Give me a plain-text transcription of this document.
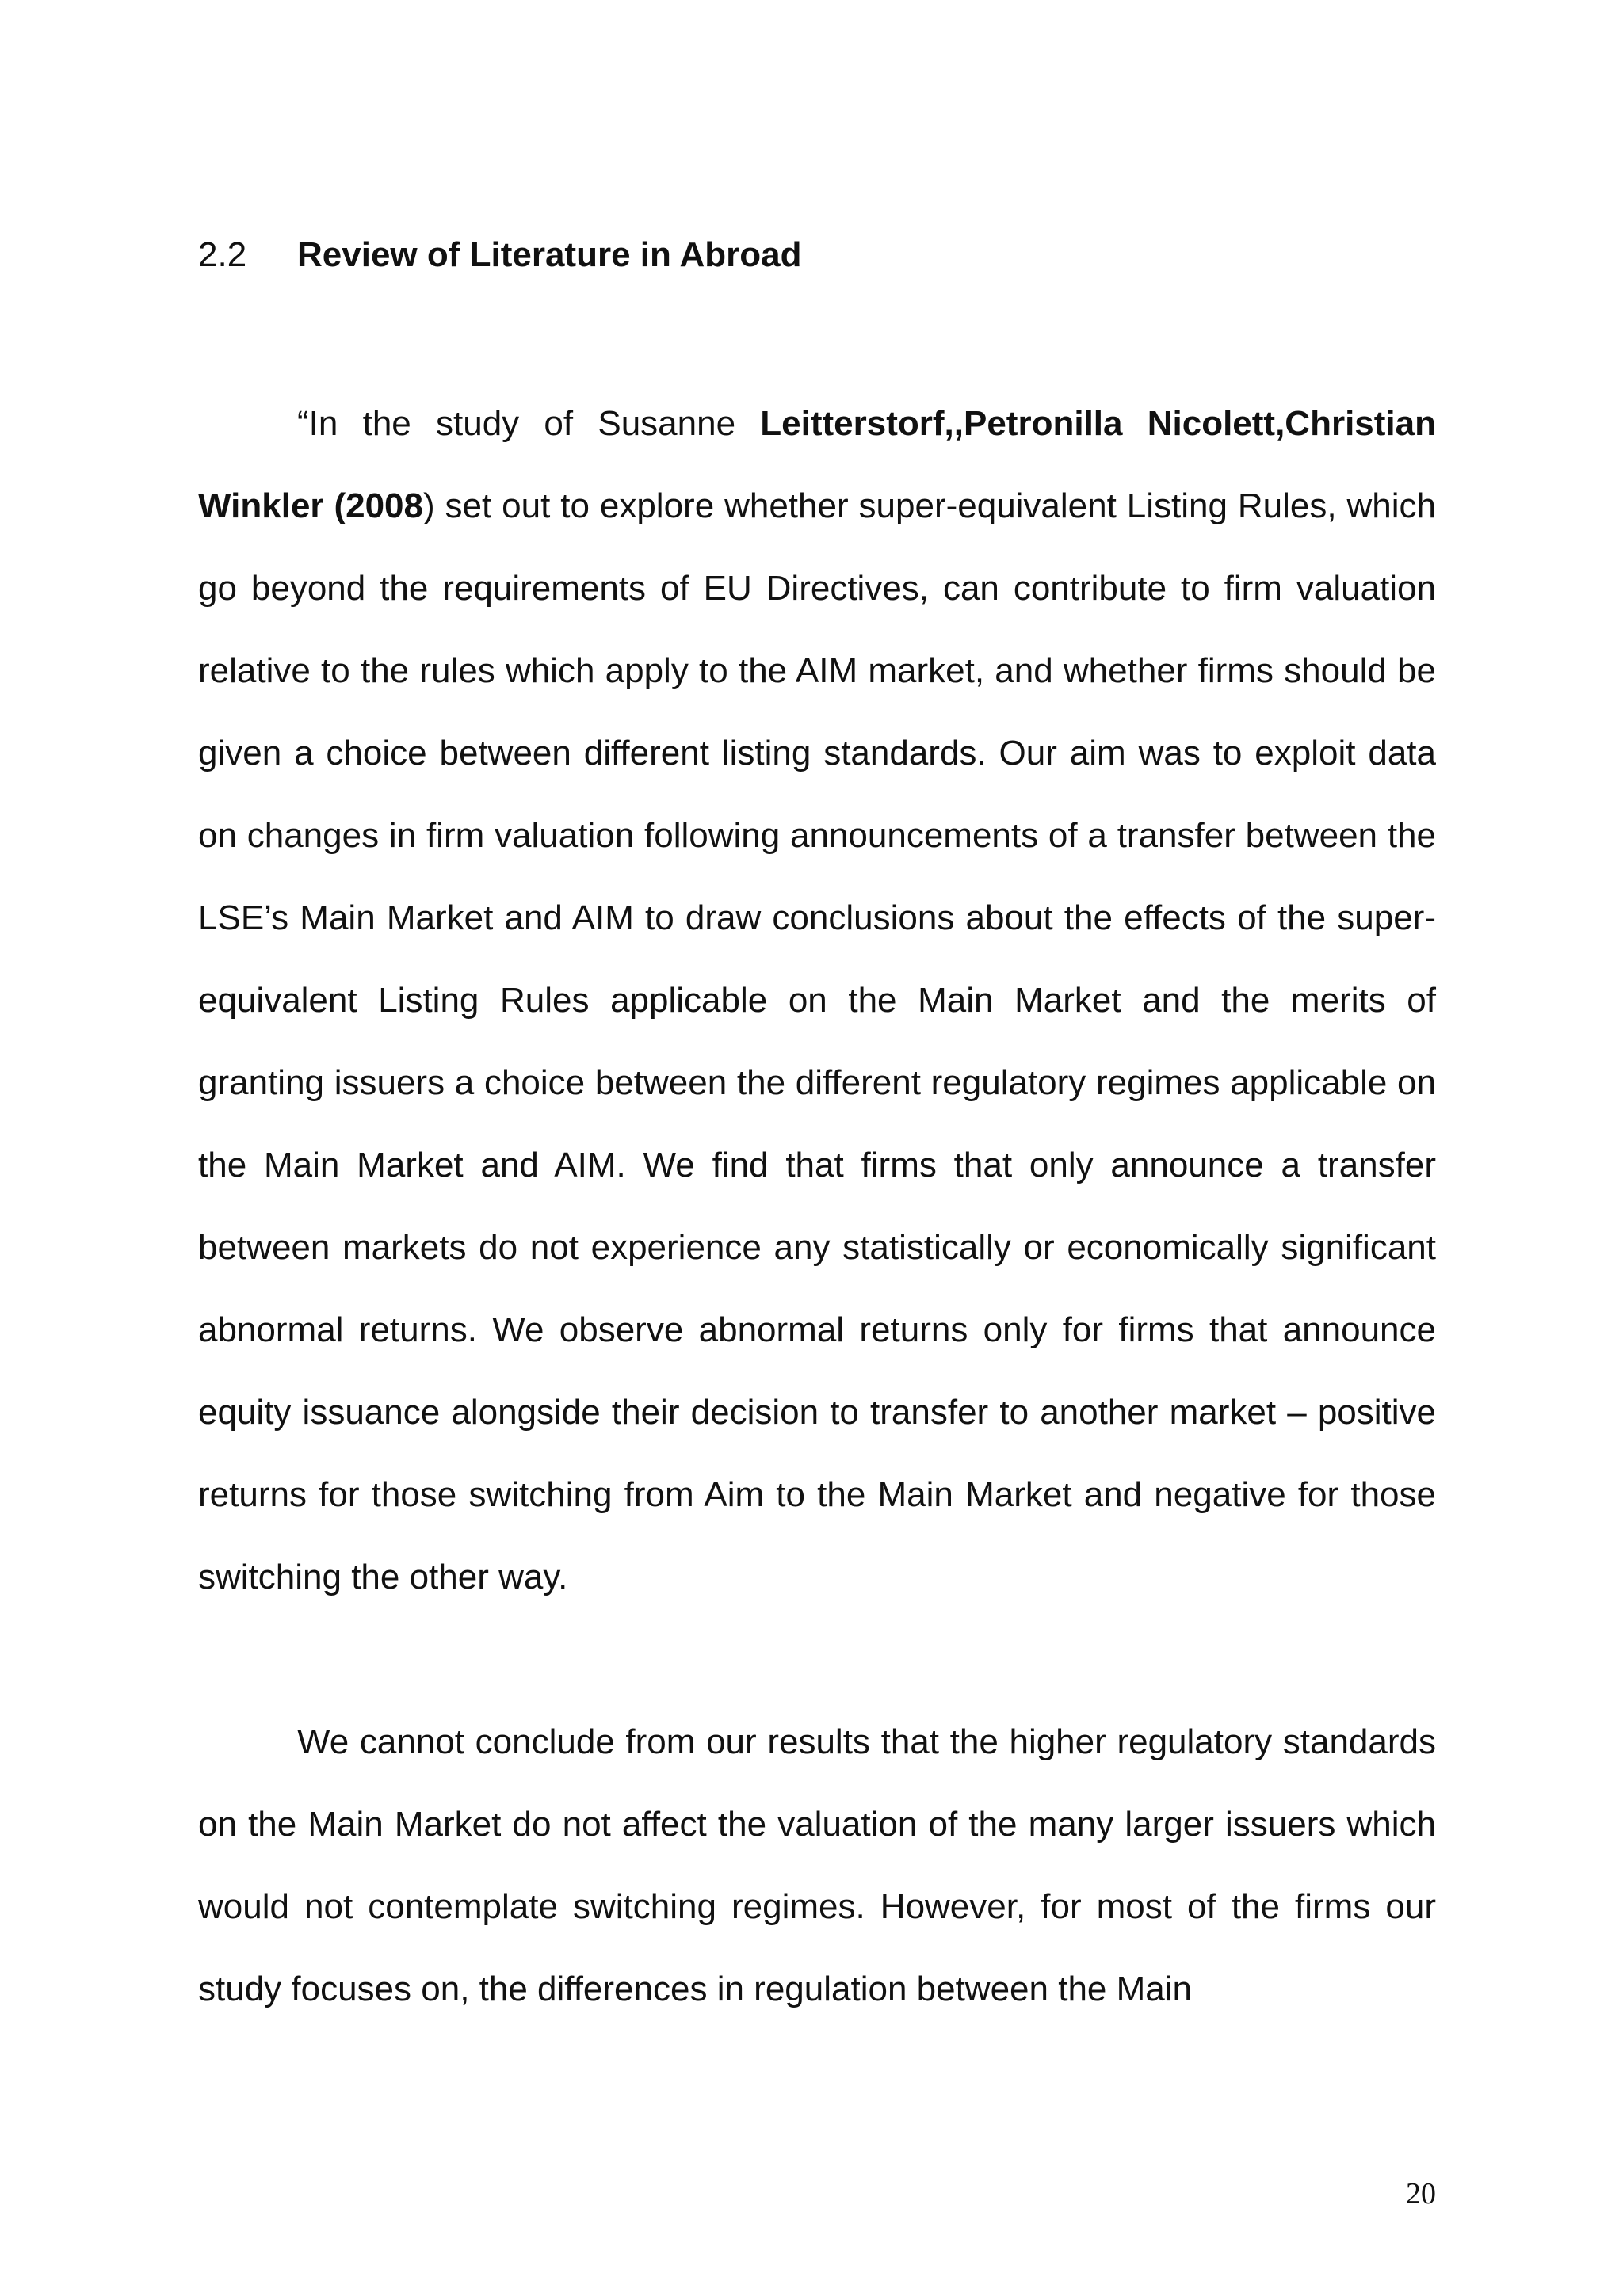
2.2 Review of Literature in Abroad

“In the study of Susanne Leitterstorf,,Petronilla Nicolett,Christian Winkler (2008) set out to explore whether super-equivalent Listing Rules, which go beyond the requirements of EU Directives, can contribute to firm valuation relative to the rules which apply to the AIM market, and whether firms should be given a choice between different listing standards. Our aim was to exploit data on changes in firm valuation following announcements of a transfer between the LSE’s Main Market and AIM to draw conclusions about the effects of the super-equivalent Listing Rules applicable on the Main Market and the merits of granting issuers a choice between the different regulatory regimes applicable on the Main Market and AIM. We find that firms that only announce a transfer between markets do not experience any statistically or economically significant abnormal returns. We observe abnormal returns only for firms that announce equity issuance alongside their decision to transfer to another market – positive returns for those switching from Aim to the Main Market and negative for those switching the other way.

We cannot conclude from our results that the higher regulatory standards on the Main Market do not affect the valuation of the many larger issuers which would not contemplate switching regimes. However, for most of the firms our study focuses on, the differences in regulation between the Main

20
